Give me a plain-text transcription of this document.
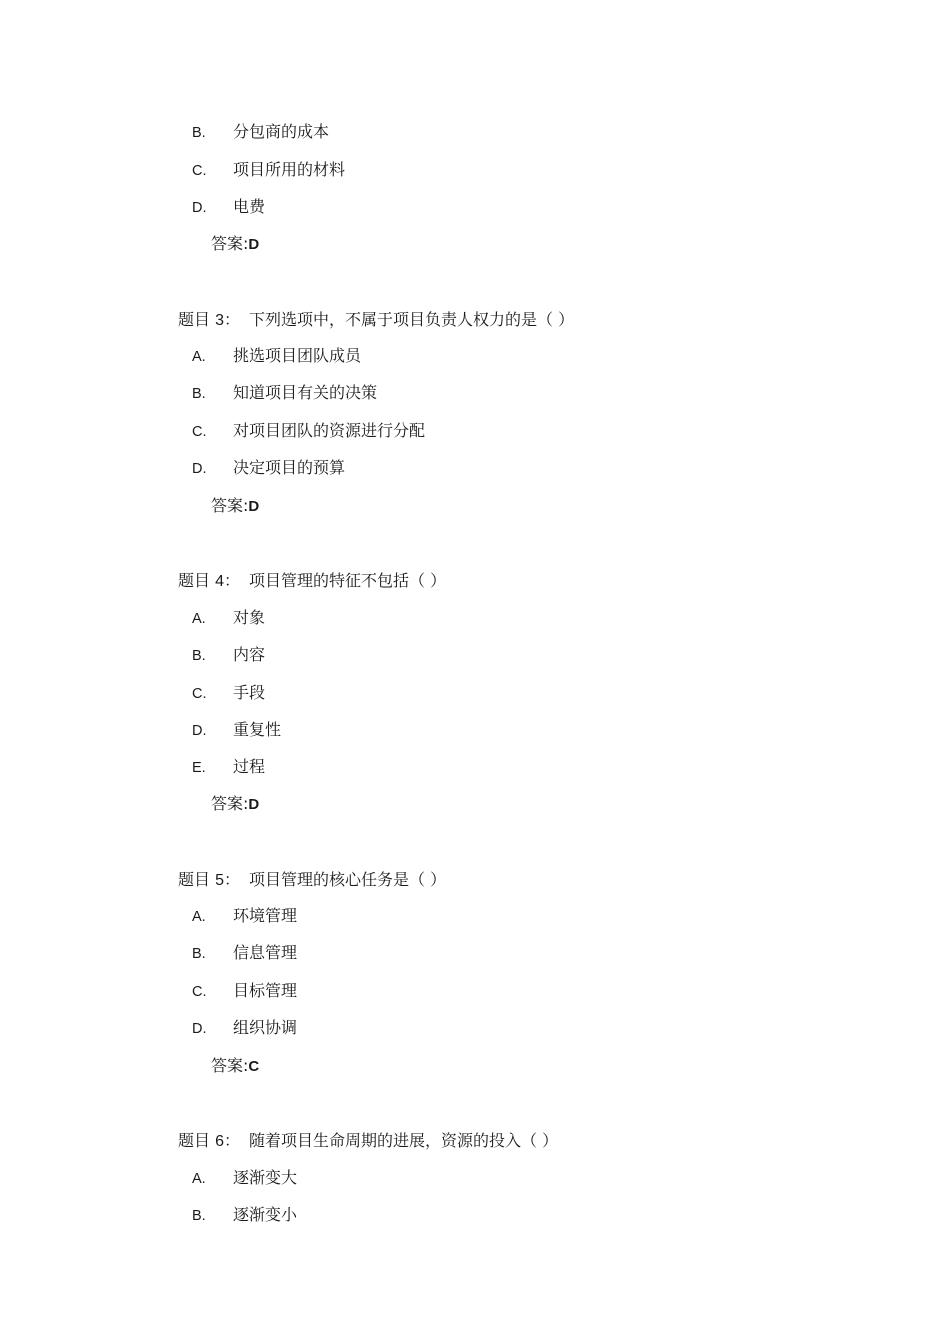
B. 分包商的成本
C. 项目所用的材料
D. 电费
答案:D
题目 3： 下列选项中，不属于项目负责人权力的是（ ）
A. 挑选项目团队成员
B. 知道项目有关的决策
C. 对项目团队的资源进行分配
D. 决定项目的预算
答案:D
题目 4： 项目管理的特征不包括（ ）
A. 对象
B. 内容
C. 手段
D. 重复性
E. 过程
答案:D
题目 5： 项目管理的核心任务是（ ）
A. 环境管理
B. 信息管理
C. 目标管理
D. 组织协调
答案:C
题目 6： 随着项目生命周期的进展，资源的投入（ ）
A. 逐渐变大
B. 逐渐变小
